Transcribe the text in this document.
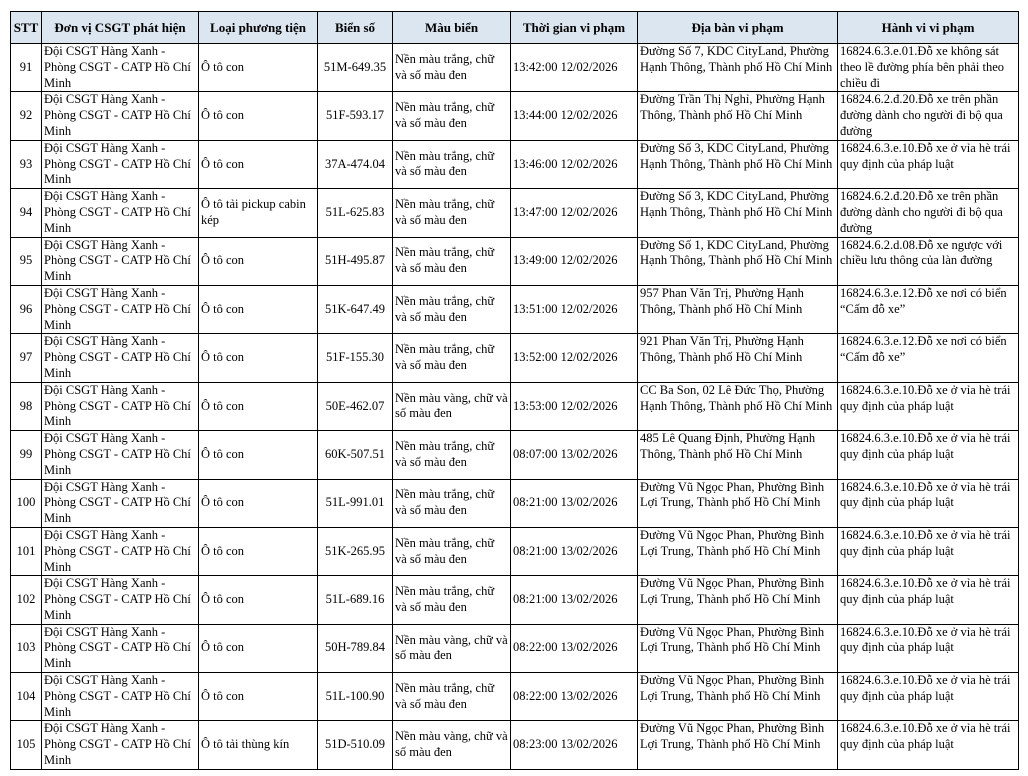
STT	Đơn vị CSGT phát hiện	Loại phương tiện	Biển số	Màu biển	Thời gian vi phạm	Địa bàn vi phạm	Hành vi vi phạm
91	Đội CSGT Hàng Xanh - Phòng CSGT - CATP Hồ Chí Minh	Ô tô con	51M-649.35	Nền màu trắng, chữ và số màu đen	13:42:00 12/02/2026	Đường Số 7, KDC CityLand, Phường Hạnh Thông, Thành phố Hồ Chí Minh	16824.6.3.e.01.Đỗ xe không sát theo lề đường phía bên phải theo chiều đi
92	Đội CSGT Hàng Xanh - Phòng CSGT - CATP Hồ Chí Minh	Ô tô con	51F-593.17	Nền màu trắng, chữ và số màu đen	13:44:00 12/02/2026	Đường Trần Thị Nghỉ, Phường Hạnh Thông, Thành phố Hồ Chí Minh	16824.6.2.đ.20.Đỗ xe trên phần đường dành cho người đi bộ qua đường
93	Đội CSGT Hàng Xanh - Phòng CSGT - CATP Hồ Chí Minh	Ô tô con	37A-474.04	Nền màu trắng, chữ và số màu đen	13:46:00 12/02/2026	Đường Số 3, KDC CityLand, Phường Hạnh Thông, Thành phố Hồ Chí Minh	16824.6.3.e.10.Đỗ xe ở vỉa hè trái quy định của pháp luật
94	Đội CSGT Hàng Xanh - Phòng CSGT - CATP Hồ Chí Minh	Ô tô tải pickup cabin kép	51L-625.83	Nền màu trắng, chữ và số màu đen	13:47:00 12/02/2026	Đường Số 3, KDC CityLand, Phường Hạnh Thông, Thành phố Hồ Chí Minh	16824.6.2.đ.20.Đỗ xe trên phần đường dành cho người đi bộ qua đường
95	Đội CSGT Hàng Xanh - Phòng CSGT - CATP Hồ Chí Minh	Ô tô con	51H-495.87	Nền màu trắng, chữ và số màu đen	13:49:00 12/02/2026	Đường Số 1, KDC CityLand, Phường Hạnh Thông, Thành phố Hồ Chí Minh	16824.6.2.d.08.Đỗ xe ngược với chiều lưu thông của làn đường
96	Đội CSGT Hàng Xanh - Phòng CSGT - CATP Hồ Chí Minh	Ô tô con	51K-647.49	Nền màu trắng, chữ và số màu đen	13:51:00 12/02/2026	957 Phan Văn Trị, Phường Hạnh Thông, Thành phố Hồ Chí Minh	16824.6.3.e.12.Đỗ xe nơi có biển “Cấm đỗ xe”
97	Đội CSGT Hàng Xanh - Phòng CSGT - CATP Hồ Chí Minh	Ô tô con	51F-155.30	Nền màu trắng, chữ và số màu đen	13:52:00 12/02/2026	921 Phan Văn Trị, Phường Hạnh Thông, Thành phố Hồ Chí Minh	16824.6.3.e.12.Đỗ xe nơi có biển “Cấm đỗ xe”
98	Đội CSGT Hàng Xanh - Phòng CSGT - CATP Hồ Chí Minh	Ô tô con	50E-462.07	Nền màu vàng, chữ và số màu đen	13:53:00 12/02/2026	CC Ba Son, 02 Lê Đức Thọ, Phường Hạnh Thông, Thành phố Hồ Chí Minh	16824.6.3.e.10.Đỗ xe ở vỉa hè trái quy định của pháp luật
99	Đội CSGT Hàng Xanh - Phòng CSGT - CATP Hồ Chí Minh	Ô tô con	60K-507.51	Nền màu trắng, chữ và số màu đen	08:07:00 13/02/2026	485 Lê Quang Định, Phường Hạnh Thông, Thành phố Hồ Chí Minh	16824.6.3.e.10.Đỗ xe ở vỉa hè trái quy định của pháp luật
100	Đội CSGT Hàng Xanh - Phòng CSGT - CATP Hồ Chí Minh	Ô tô con	51L-991.01	Nền màu trắng, chữ và số màu đen	08:21:00 13/02/2026	Đường Vũ Ngọc Phan, Phường Bình Lợi Trung, Thành phố Hồ Chí Minh	16824.6.3.e.10.Đỗ xe ở vỉa hè trái quy định của pháp luật
101	Đội CSGT Hàng Xanh - Phòng CSGT - CATP Hồ Chí Minh	Ô tô con	51K-265.95	Nền màu trắng, chữ và số màu đen	08:21:00 13/02/2026	Đường Vũ Ngọc Phan, Phường Bình Lợi Trung, Thành phố Hồ Chí Minh	16824.6.3.e.10.Đỗ xe ở vỉa hè trái quy định của pháp luật
102	Đội CSGT Hàng Xanh - Phòng CSGT - CATP Hồ Chí Minh	Ô tô con	51L-689.16	Nền màu trắng, chữ và số màu đen	08:21:00 13/02/2026	Đường Vũ Ngọc Phan, Phường Bình Lợi Trung, Thành phố Hồ Chí Minh	16824.6.3.e.10.Đỗ xe ở vỉa hè trái quy định của pháp luật
103	Đội CSGT Hàng Xanh - Phòng CSGT - CATP Hồ Chí Minh	Ô tô con	50H-789.84	Nền màu vàng, chữ và số màu đen	08:22:00 13/02/2026	Đường Vũ Ngọc Phan, Phường Bình Lợi Trung, Thành phố Hồ Chí Minh	16824.6.3.e.10.Đỗ xe ở vỉa hè trái quy định của pháp luật
104	Đội CSGT Hàng Xanh - Phòng CSGT - CATP Hồ Chí Minh	Ô tô con	51L-100.90	Nền màu trắng, chữ và số màu đen	08:22:00 13/02/2026	Đường Vũ Ngọc Phan, Phường Bình Lợi Trung, Thành phố Hồ Chí Minh	16824.6.3.e.10.Đỗ xe ở vỉa hè trái quy định của pháp luật
105	Đội CSGT Hàng Xanh - Phòng CSGT - CATP Hồ Chí Minh	Ô tô tải thùng kín	51D-510.09	Nền màu vàng, chữ và số màu đen	08:23:00 13/02/2026	Đường Vũ Ngọc Phan, Phường Bình Lợi Trung, Thành phố Hồ Chí Minh	16824.6.3.e.10.Đỗ xe ở vỉa hè trái quy định của pháp luật
